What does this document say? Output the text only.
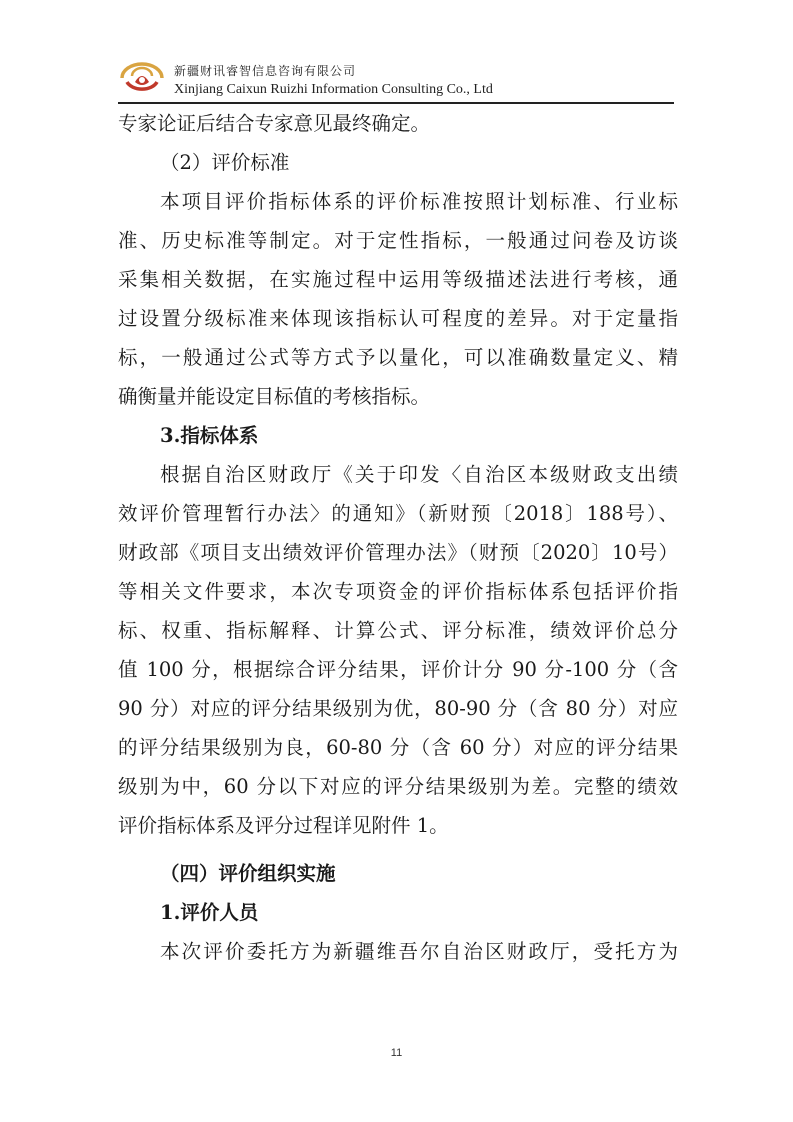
新疆财讯睿智信息咨询有限公司
Xinjiang Caixun Ruizhi Information Consulting Co., Ltd
专家论证后结合专家意见最终确定。
（2）评价标准
本项目评价指标体系的评价标准按照计划标准、行业标
准、历史标准等制定。对于定性指标，一般通过问卷及访谈
采集相关数据，在实施过程中运用等级描述法进行考核，通
过设置分级标准来体现该指标认可程度的差异。对于定量指
标，一般通过公式等方式予以量化，可以准确数量定义、精
确衡量并能设定目标值的考核指标。
3.指标体系
根据自治区财政厅《关于印发〈自治区本级财政支出绩
效评价管理暂行办法〉的通知》（新财预〔2018〕188号）、
财政部《项目支出绩效评价管理办法》（财预〔2020〕10号）
等相关文件要求，本次专项资金的评价指标体系包括评价指
标、权重、指标解释、计算公式、评分标准，绩效评价总分
值 100 分，根据综合评分结果，评价计分 90 分-100 分（含
90 分）对应的评分结果级别为优，80-90 分（含 80 分）对应
的评分结果级别为良，60-80 分（含 60 分）对应的评分结果
级别为中，60 分以下对应的评分结果级别为差。完整的绩效
评价指标体系及评分过程详见附件 1。
（四）评价组织实施
1.评价人员
本次评价委托方为新疆维吾尔自治区财政厅，受托方为
11
